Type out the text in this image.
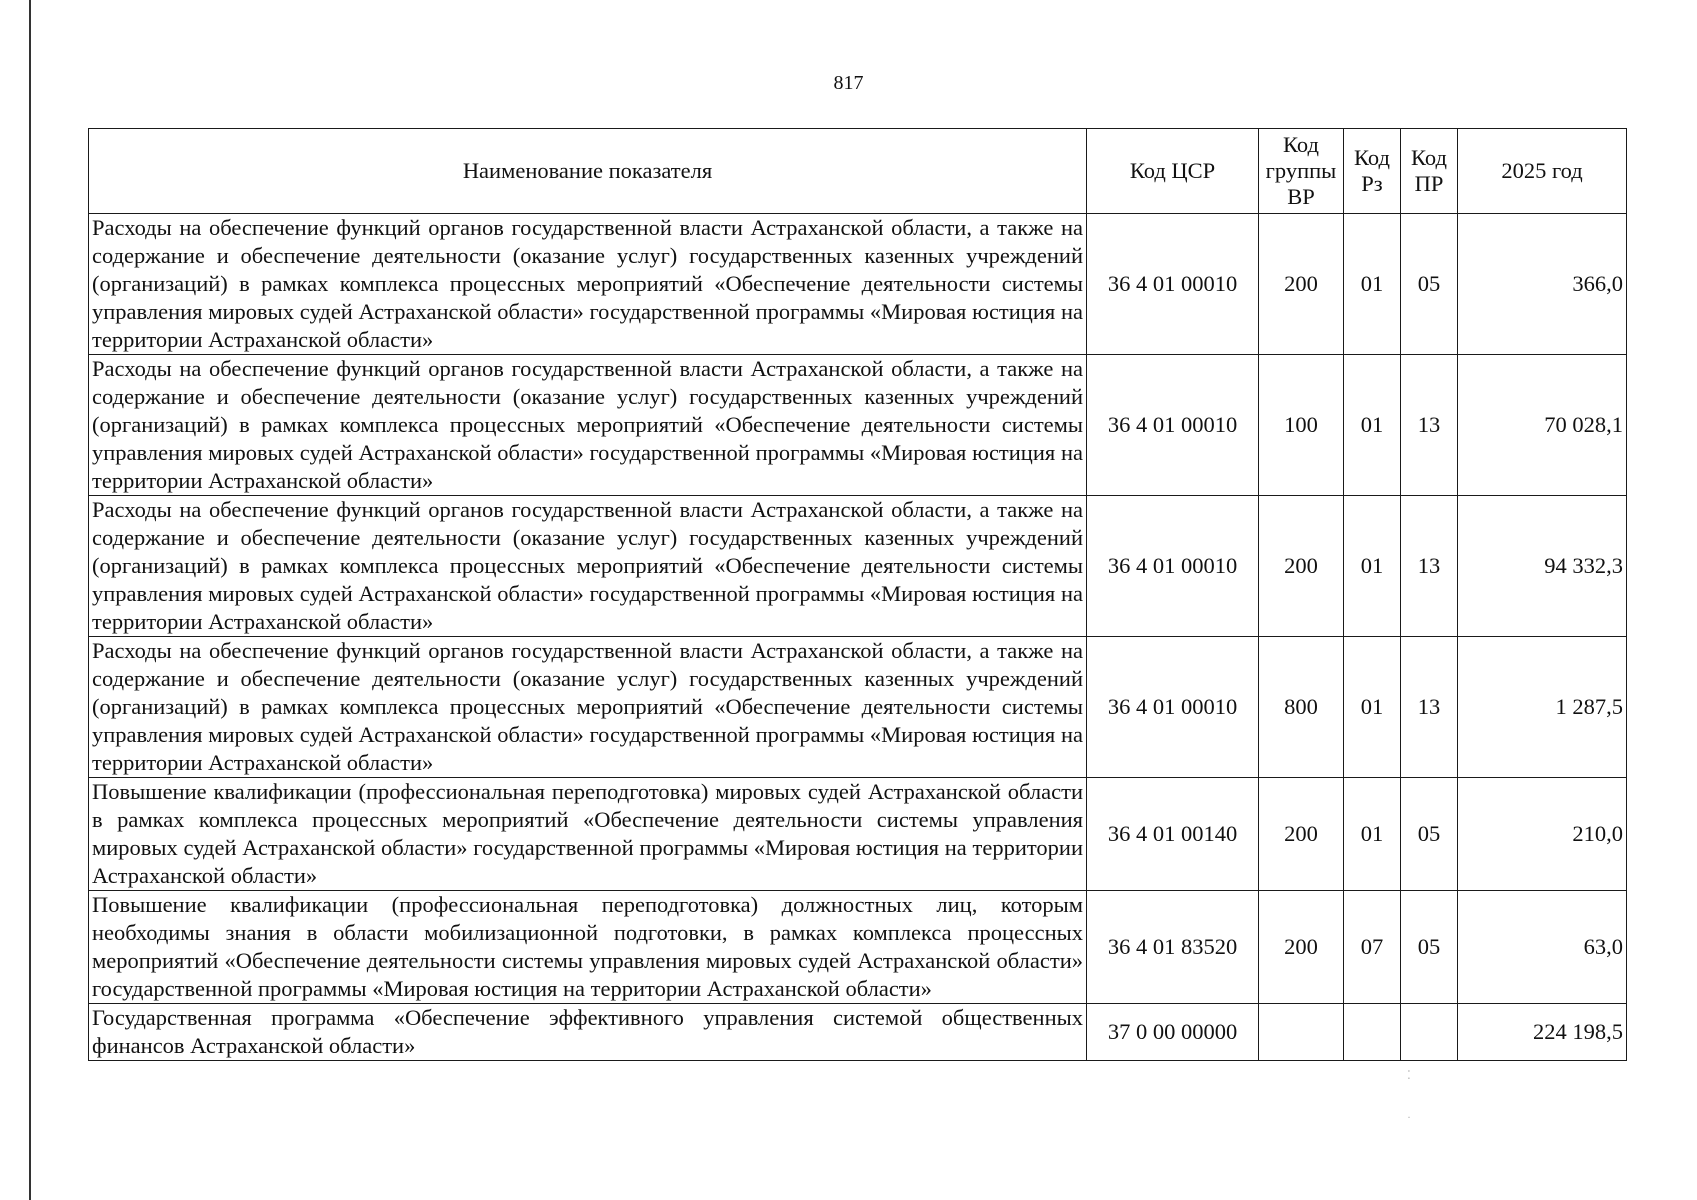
817
Наименование показателя	Код ЦСР	Код группы ВР	Код Рз	Код ПР	2025 год
Расходы на обеспечение функций органов государственной власти Астраханской области, а также на содержание и обеспечение деятельности (оказание услуг) государственных казенных учреждений (организаций) в рамках комплекса процессных мероприятий «Обеспечение деятельности системы управления мировых судей Астраханской области» государственной программы «Мировая юстиция на территории Астраханской области»	36 4 01 00010	200	01	05	366,0
Расходы на обеспечение функций органов государственной власти Астраханской области, а также на содержание и обеспечение деятельности (оказание услуг) государственных казенных учреждений (организаций) в рамках комплекса процессных мероприятий «Обеспечение деятельности системы управления мировых судей Астраханской области» государственной программы «Мировая юстиция на территории Астраханской области»	36 4 01 00010	100	01	13	70 028,1
Расходы на обеспечение функций органов государственной власти Астраханской области, а также на содержание и обеспечение деятельности (оказание услуг) государственных казенных учреждений (организаций) в рамках комплекса процессных мероприятий «Обеспечение деятельности системы управления мировых судей Астраханской области» государственной программы «Мировая юстиция на территории Астраханской области»	36 4 01 00010	200	01	13	94 332,3
Расходы на обеспечение функций органов государственной власти Астраханской области, а также на содержание и обеспечение деятельности (оказание услуг) государственных казенных учреждений (организаций) в рамках комплекса процессных мероприятий «Обеспечение деятельности системы управления мировых судей Астраханской области» государственной программы «Мировая юстиция на территории Астраханской области»	36 4 01 00010	800	01	13	1 287,5
Повышение квалификации (профессиональная переподготовка) мировых судей Астраханской области в рамках комплекса процессных мероприятий «Обеспечение деятельности системы управления мировых судей Астраханской области» государственной программы «Мировая юстиция на территории Астраханской области»	36 4 01 00140	200	01	05	210,0
Повышение квалификации (профессиональная переподготовка) должностных лиц, которым необходимы знания в области мобилизационной подготовки, в рамках комплекса процессных мероприятий «Обеспечение деятельности системы управления мировых судей Астраханской области» государственной программы «Мировая юстиция на территории Астраханской области»	36 4 01 83520	200	07	05	63,0
Государственная программа «Обеспечение эффективного управления системой общественных финансов Астраханской области»	37 0 00 00000				224 198,5
⁚
·
